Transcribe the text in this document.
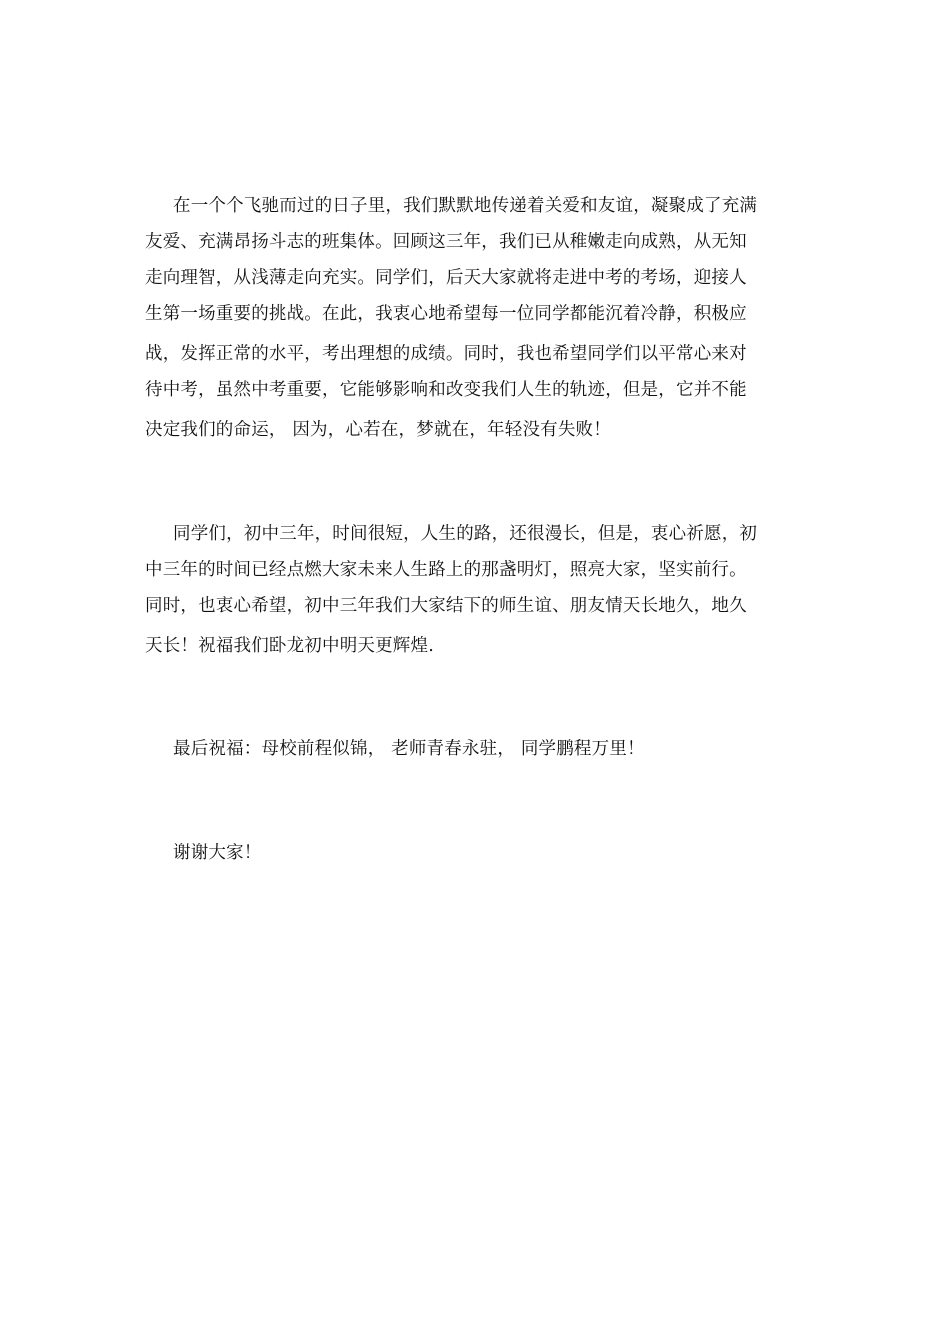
在一个个飞驰而过的日子里，我们默默地传递着关爱和友谊，凝聚成了充满

友爱、充满昂扬斗志的班集体。回顾这三年，我们已从稚嫩走向成熟，从无知

走向理智，从浅薄走向充实。同学们，后天大家就将走进中考的考场，迎接人

生第一场重要的挑战。在此，我衷心地希望每一位同学都能沉着冷静，积极应

战，发挥正常的水平，考出理想的成绩。同时，我也希望同学们以平常心来对

待中考，虽然中考重要，它能够影响和改变我们人生的轨迹，但是，它并不能

决定我们的命运， 因为，心若在，梦就在，年轻没有失败！

同学们，初中三年，时间很短，人生的路，还很漫长，但是，衷心祈愿，初

中三年的时间已经点燃大家未来人生路上的那盏明灯，照亮大家，坚实前行。

同时，也衷心希望，初中三年我们大家结下的师生谊、朋友情天长地久，地久

天长！祝福我们卧龙初中明天更辉煌.

最后祝福：母校前程似锦， 老师青春永驻， 同学鹏程万里！

谢谢大家！
